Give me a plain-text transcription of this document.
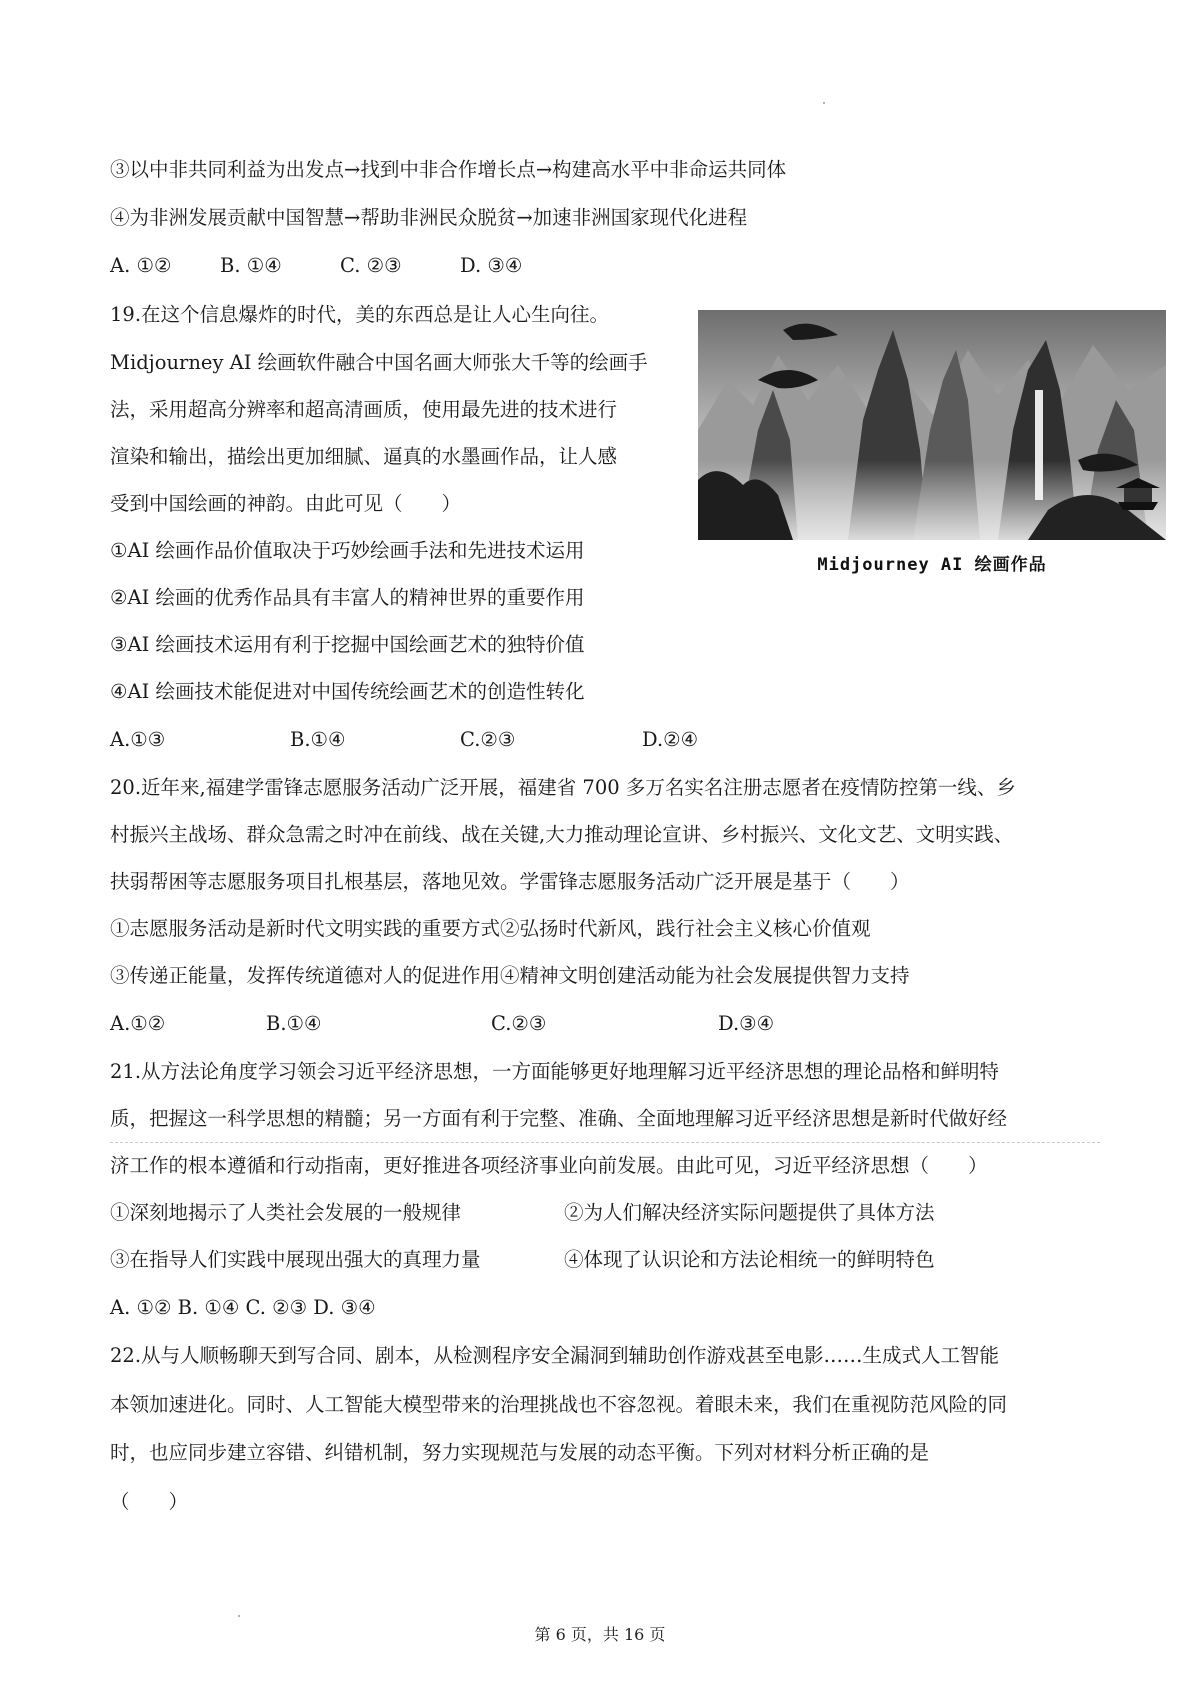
③以中非共同利益为出发点→找到中非合作增长点→构建高水平中非命运共同体
④为非洲发展贡献中国智慧→帮助非洲民众脱贫→加速非洲国家现代化进程
A. ①② B. ①④	C. ②③	D. ③④
19.在这个信息爆炸的时代，美的东西总是让人心生向往。
Midjourney AI 绘画软件融合中国名画大师张大千等的绘画手
法，采用超高分辨率和超高清画质，使用最先进的技术进行
渲染和输出，描绘出更加细腻、逼真的水墨画作品，让人感
受到中国绘画的神韵。由此可见（　　）
①AI 绘画作品价值取决于巧妙绘画手法和先进技术运用
②AI 绘画的优秀作品具有丰富人的精神世界的重要作用
③AI 绘画技术运用有利于挖掘中国绘画艺术的独特价值
④AI 绘画技术能促进对中国传统绘画艺术的创造性转化
A.①③	B.①④	C.②③	D.②④
Midjourney AI 绘画作品
20.近年来,福建学雷锋志愿服务活动广泛开展，福建省 700 多万名实名注册志愿者在疫情防控第一线、乡
村振兴主战场、群众急需之时冲在前线、战在关键,大力推动理论宣讲、乡村振兴、文化文艺、文明实践、
扶弱帮困等志愿服务项目扎根基层，落地见效。学雷锋志愿服务活动广泛开展是基于（　　）
①志愿服务活动是新时代文明实践的重要方式②弘扬时代新风，践行社会主义核心价值观
③传递正能量，发挥传统道德对人的促进作用④精神文明创建活动能为社会发展提供智力支持
A.①②	B.①④	C.②③	D.③④
21.从方法论角度学习领会习近平经济思想，一方面能够更好地理解习近平经济思想的理论品格和鲜明特
质，把握这一科学思想的精髓；另一方面有利于完整、准确、全面地理解习近平经济思想是新时代做好经
济工作的根本遵循和行动指南，更好推进各项经济事业向前发展。由此可见，习近平经济思想（　　）
①深刻地揭示了人类社会发展的一般规律	②为人们解决经济实际问题提供了具体方法
③在指导人们实践中展现出强大的真理力量	④体现了认识论和方法论相统一的鲜明特色
A. ①② B. ①④ C. ②③ D. ③④
22.从与人顺畅聊天到写合同、剧本，从检测程序安全漏洞到辅助创作游戏甚至电影……生成式人工智能
本领加速进化。同时、人工智能大模型带来的治理挑战也不容忽视。着眼未来，我们在重视防范风险的同
时，也应同步建立容错、纠错机制，努力实现规范与发展的动态平衡。下列对材料分析正确的是
（　　）
第 6 页，共 16 页
